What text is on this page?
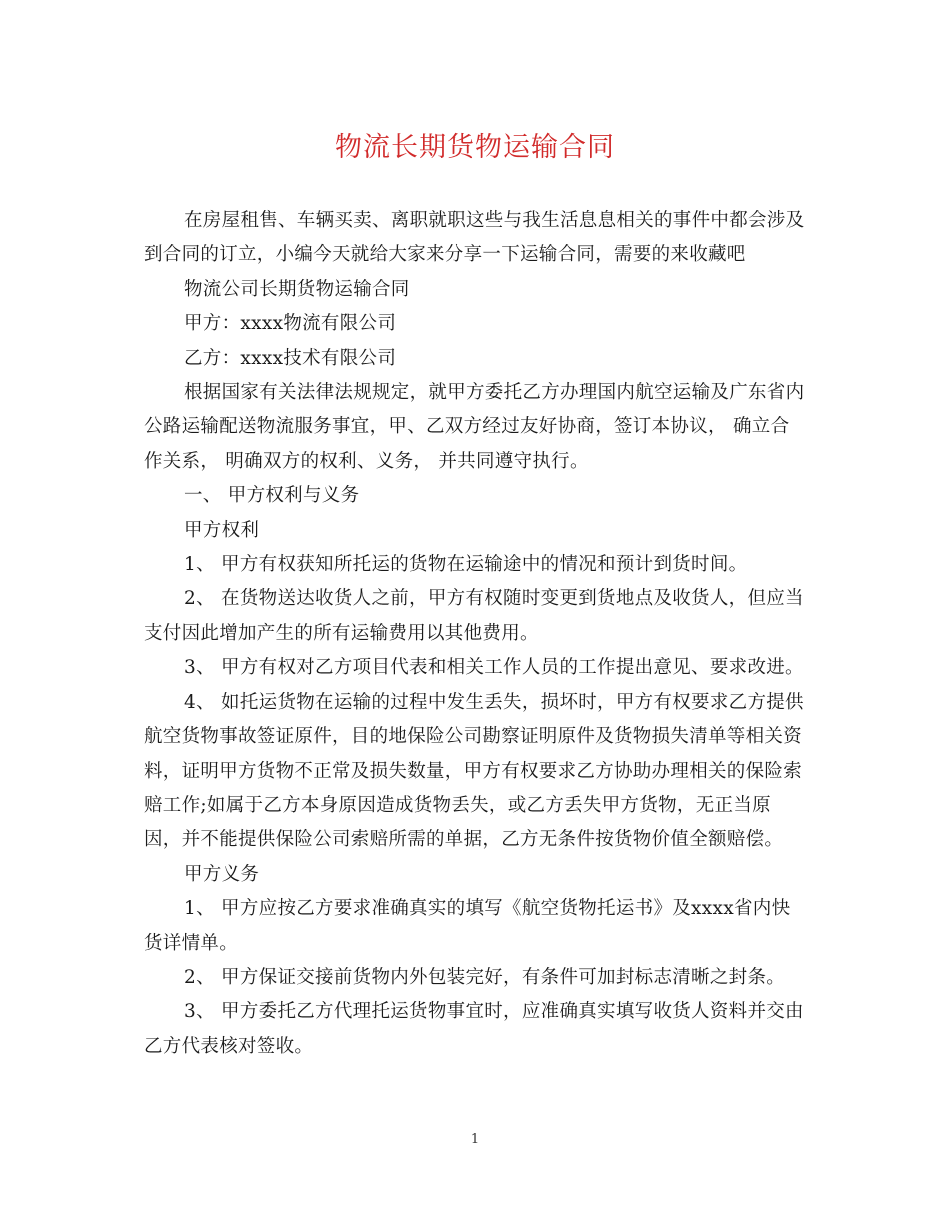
物流长期货物运输合同

在房屋租售、车辆买卖、离职就职这些与我生活息息相关的事件中都会涉及到合同的订立，小编今天就给大家来分享一下运输合同，需要的来收藏吧

物流公司长期货物运输合同

甲方：xxxx物流有限公司

乙方：xxxx技术有限公司

根据国家有关法律法规规定，就甲方委托乙方办理国内航空运输及广东省内公路运输配送物流服务事宜，甲、乙双方经过友好协商，签订本协议， 确立合作关系， 明确双方的权利、义务， 并共同遵守执行。

一、 甲方权利与义务

甲方权利

1、 甲方有权获知所托运的货物在运输途中的情况和预计到货时间。

2、 在货物送达收货人之前，甲方有权随时变更到货地点及收货人，但应当支付因此增加产生的所有运输费用以其他费用。

3、 甲方有权对乙方项目代表和相关工作人员的工作提出意见、要求改进。

4、 如托运货物在运输的过程中发生丢失，损坏时，甲方有权要求乙方提供航空货物事故签证原件，目的地保险公司勘察证明原件及货物损失清单等相关资料，证明甲方货物不正常及损失数量，甲方有权要求乙方协助办理相关的保险索赔工作;如属于乙方本身原因造成货物丢失，或乙方丢失甲方货物，无正当原因，并不能提供保险公司索赔所需的单据，乙方无条件按货物价值全额赔偿。

甲方义务

1、 甲方应按乙方要求准确真实的填写《航空货物托运书》及xxxx省内快货详情单。

2、 甲方保证交接前货物内外包装完好，有条件可加封标志清晰之封条。

3、 甲方委托乙方代理托运货物事宜时，应准确真实填写收货人资料并交由乙方代表核对签收。

1
